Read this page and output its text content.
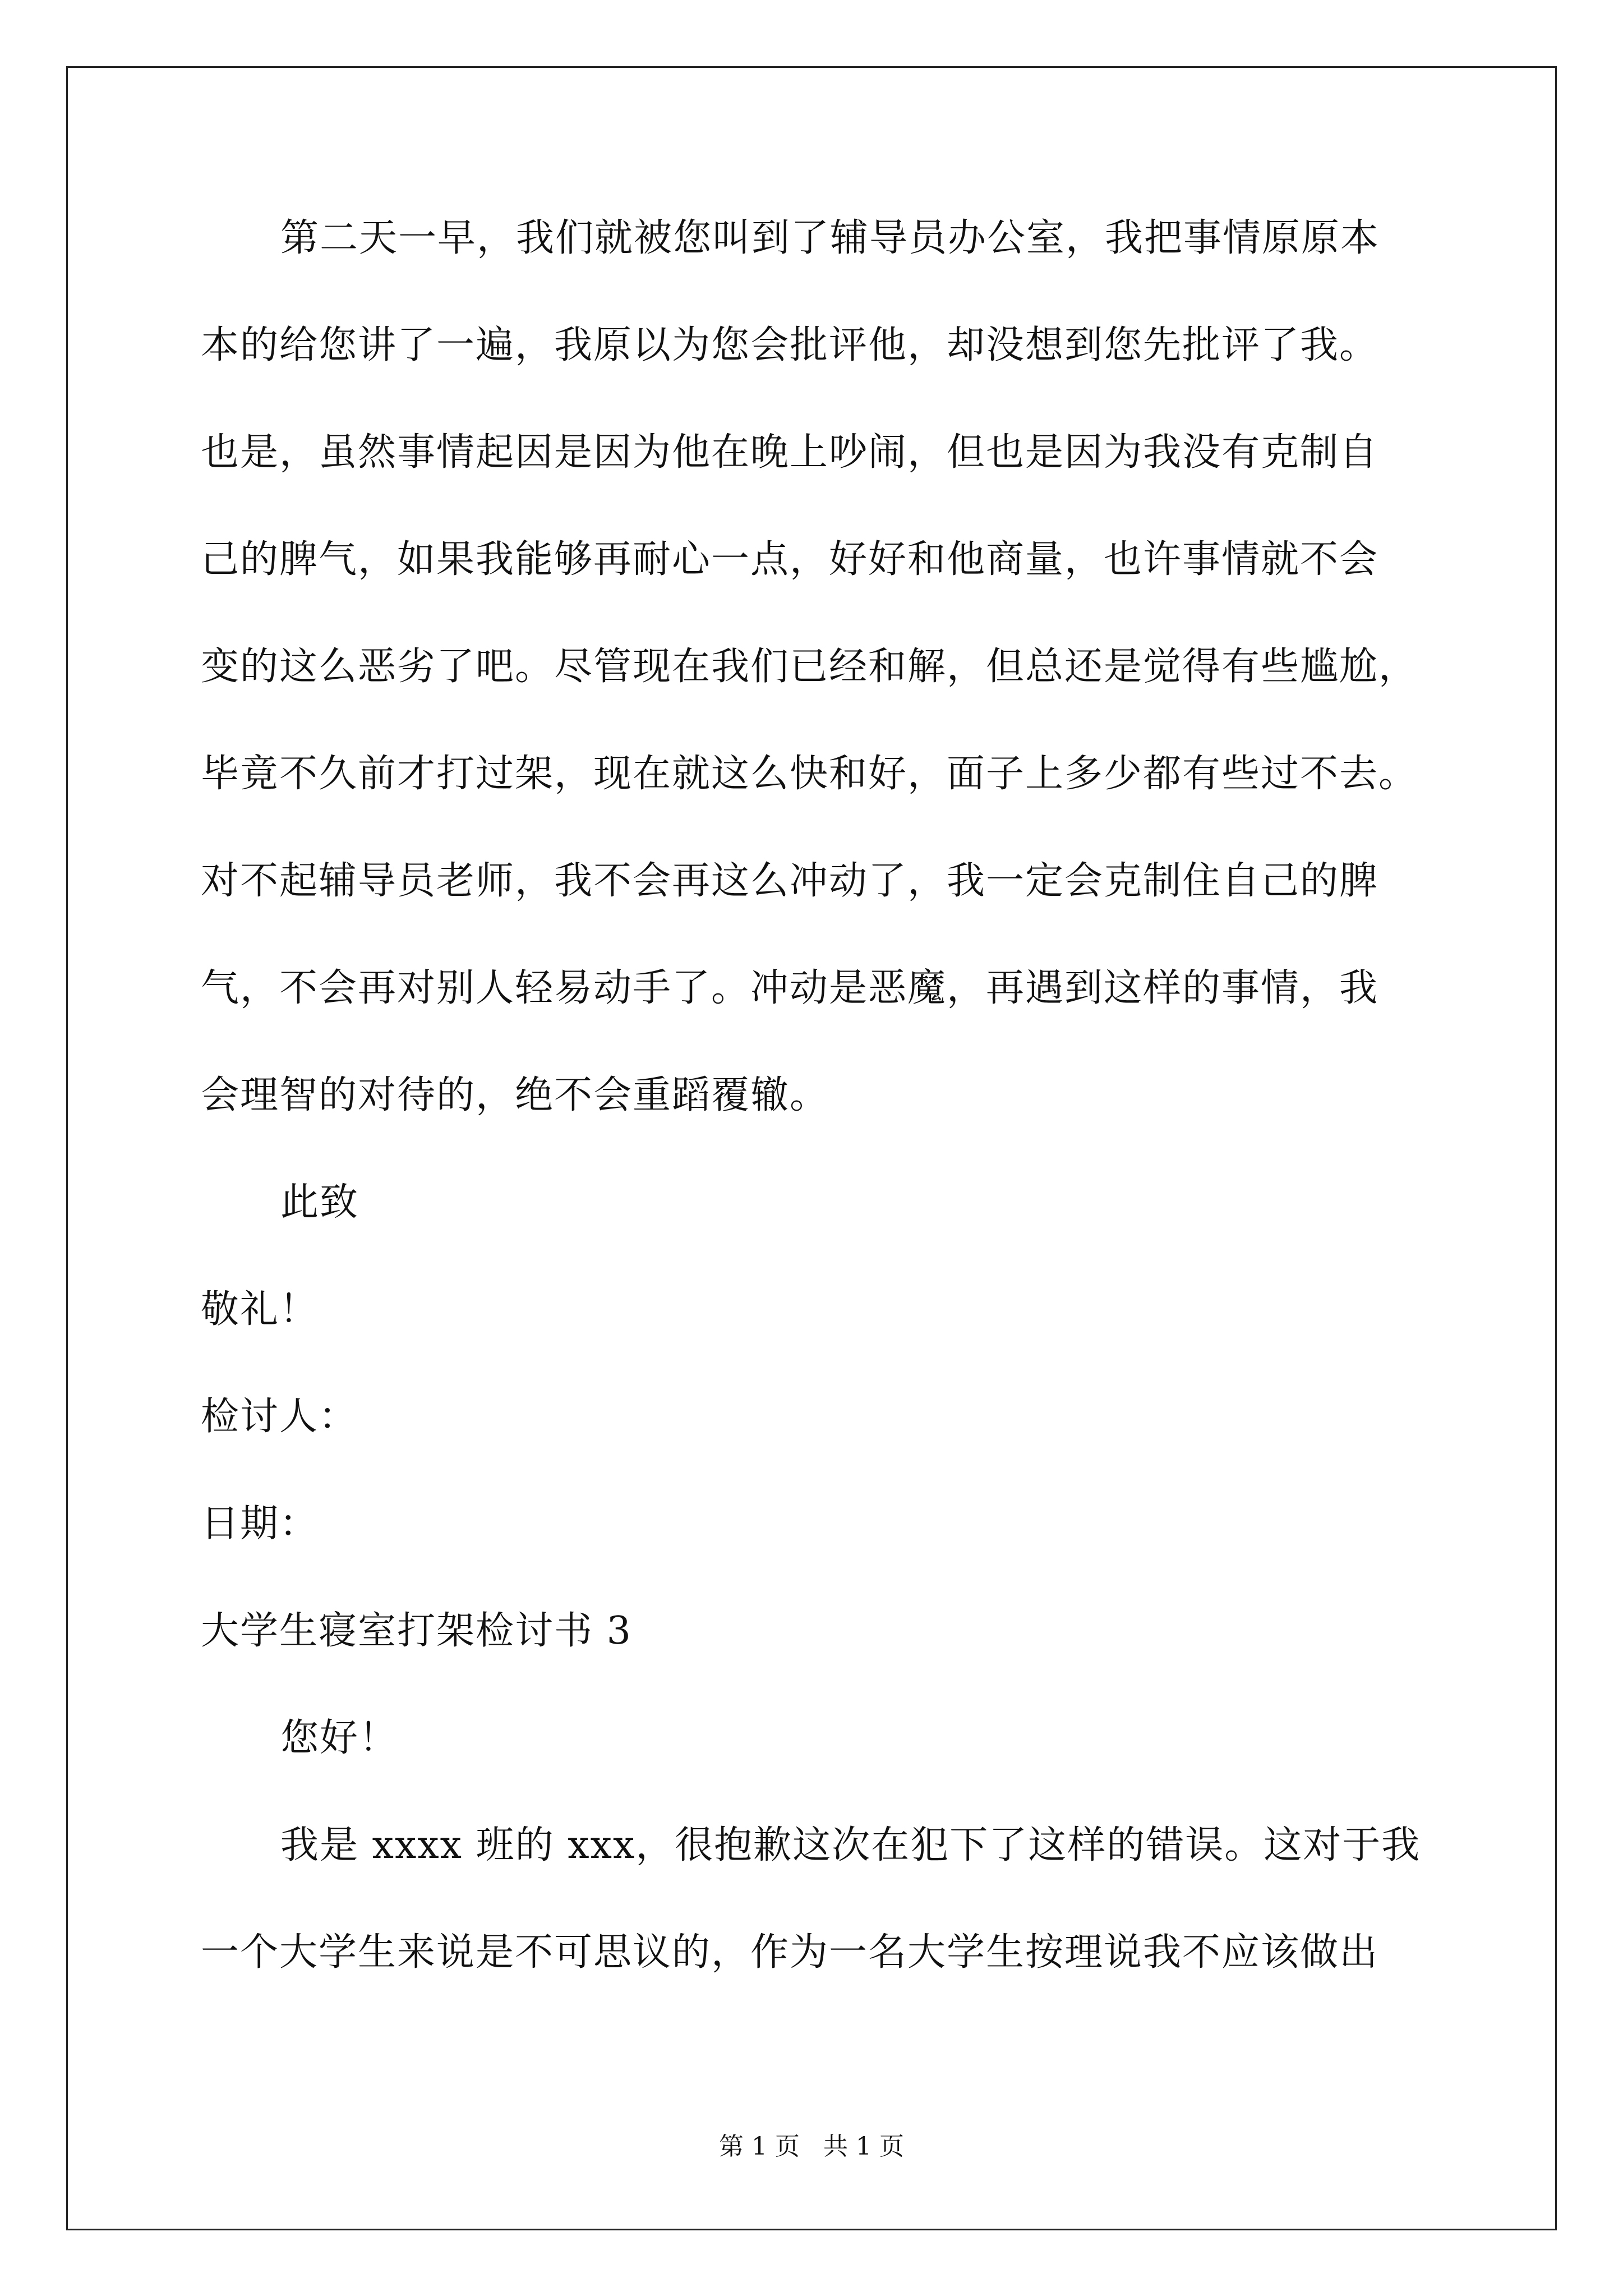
第二天一早，我们就被您叫到了辅导员办公室，我把事情原原本
本的给您讲了一遍，我原以为您会批评他，却没想到您先批评了我。
也是，虽然事情起因是因为他在晚上吵闹，但也是因为我没有克制自
己的脾气，如果我能够再耐心一点，好好和他商量，也许事情就不会
变的这么恶劣了吧。尽管现在我们已经和解，但总还是觉得有些尴尬，
毕竟不久前才打过架，现在就这么快和好，面子上多少都有些过不去。
对不起辅导员老师，我不会再这么冲动了，我一定会克制住自己的脾
气，不会再对别人轻易动手了。冲动是恶魔，再遇到这样的事情，我
会理智的对待的，绝不会重蹈覆辙。
此致
敬礼！
检讨人：
日期：
大学生寝室打架检讨书 3
您好！
我是 xxxx 班的 xxx，很抱歉这次在犯下了这样的错误。这对于我
一个大学生来说是不可思议的，作为一名大学生按理说我不应该做出
第 1 页   共 1 页
